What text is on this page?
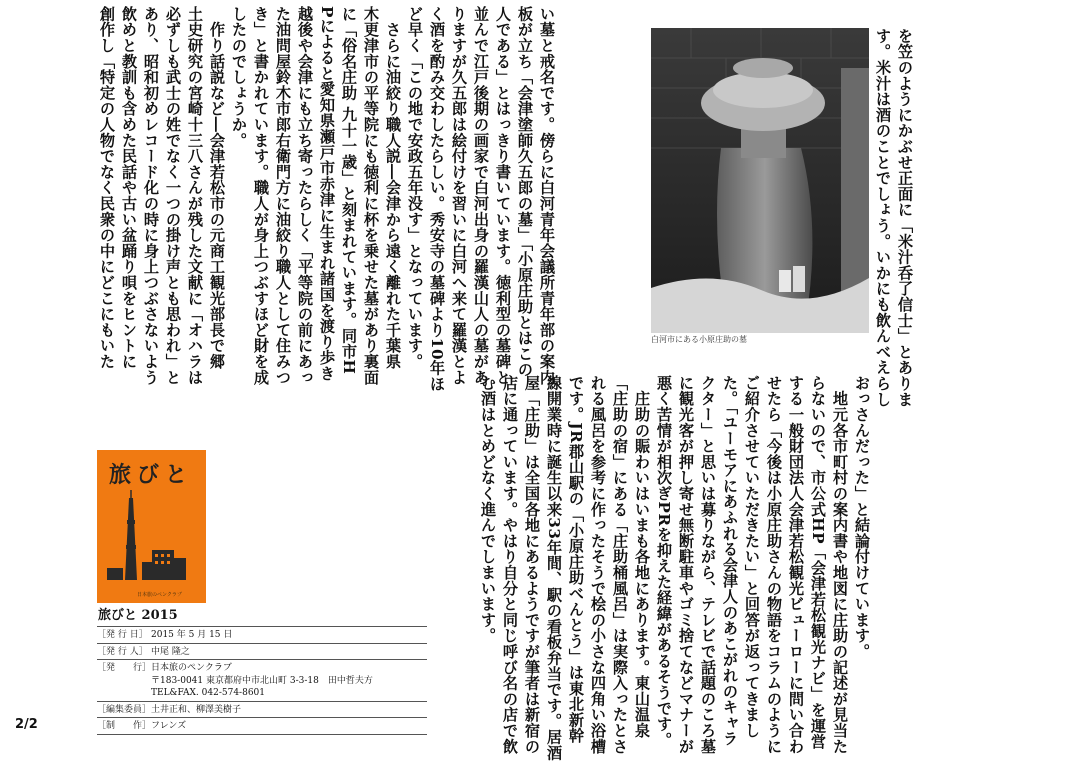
を笠のようにかぶせ正面に「米汁呑了信士」とありま
す。米汁は酒のことでしょう。いかにも飲んべえらし
白河市にある小原庄助の墓
い墓と戒名です。傍らに白河青年会議所青年部の案内
板が立ち「会津塗師久五郎の墓」「小原庄助とはこの
人である」とはっきり書いています。徳利型の墓碑と
並んで江戸後期の画家で白河出身の羅漢山人の墓があ
りますが久五郎は絵付けを習いに白河へ来て羅漢とよ
く酒を酌み交わしたらしい。秀安寺の墓碑より10年ほ
ど早く「この地で安政五年没す」となっています。
　さらに油絞り職人説―会津から遠く離れた千葉県
木更津市の平等院にも徳利に杯を乗せた墓があり裏面
に「俗名庄助 九十一歳」と刻まれています。同市H
Pによると愛知県瀬戸市赤津に生まれ諸国を渡り歩き
越後や会津にも立ち寄ったらしく「平等院の前にあっ
た油問屋鈴木市郎右衛門方に油絞り職人として住みつ
き」と書かれています。職人が身上つぶすほど財を成
したのでしょうか。
　作り話説など―会津若松市の元商工観光部長で郷
土史研究の宮崎十三八さんが残した文献に「オハラは
必ずしも武士の姓でなく一つの掛け声とも思われ」と
あり、昭和初めレコード化の時に身上つぶさないよう
飲めと教訓も含めた民話や古い盆踊り唄をヒントに
創作し「特定の人物でなく民衆の中にどこにもいた
おっさんだった」と結論付けています。
　地元各市町村の案内書や地図に庄助の記述が見当た
らないので、市公式HP「会津若松観光ナビ」を運営
する一般財団法人会津若松観光ビューローに問い合わ
せたら「今後は小原庄助さんの物語をコラムのように
ご紹介させていただきたい」と回答が返ってきまし
た。「ユーモアにあふれる会津人のあこがれのキャラ
クター」と思いは募りながら、テレビで話題のころ墓
に観光客が押し寄せ無断駐車やゴミ捨てなどマナーが
悪く苦情が相次ぎPRを抑えた経緯があるそうです。
　庄助の賑わいはいまも各地にあります。東山温泉
「庄助の宿」にある「庄助桶風呂」は実際入ったとさ
れる風呂を参考に作ったそうで桧の小さな四角い浴槽
です。JR郡山駅の「小原庄助べんとう」は東北新幹
線開業時に誕生以来33年間、駅の看板弁当です。居酒
屋「庄助」は全国各地にあるようですが筆者は新宿の
店に通っています。やはり自分と同じ呼び名の店で飲
む酒はとめどなく進んでしまいます。
旅びと
日本旅のペンクラブ
旅びと 2015
［発 行 日］ 2015 年 5 月 15 日
［発 行 人］ 中尾 隆之
［発　　行］ 日本旅のペンクラブ
〒183-0041 東京都府中市北山町 3-3-18　田中哲夫方
TEL&FAX. 042-574-8601
［編集委員］ 土井正和、柳澤美樹子
［制　　作］ フレンズ
2/2
